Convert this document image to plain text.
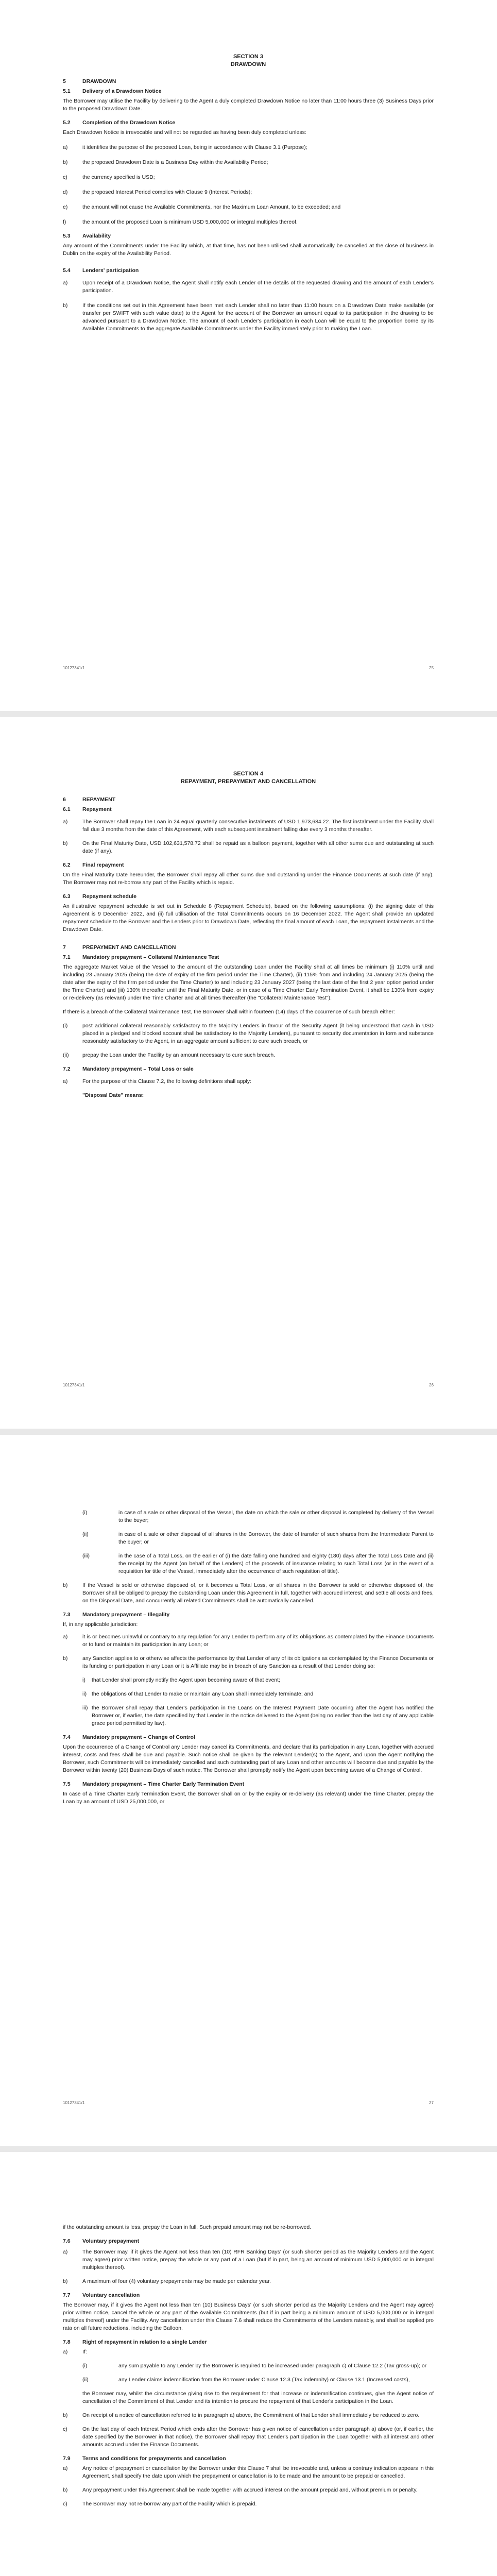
SECTION 3
DRAWDOWN
5	DRAWDOWN
5.1	Delivery of a Drawdown Notice

The Borrower may utilise the Facility by delivering to the Agent a duly completed Drawdown Notice no later than 11:00 hours three (3) Business Days prior to the proposed Drawdown Date.

5.2	Completion of the Drawdown Notice

Each Drawdown Notice is irrevocable and will not be regarded as having been duly completed unless:

a)	it identifies the purpose of the proposed Loan, being in accordance with Clause 3.1 (Purpose);
b)	the proposed Drawdown Date is a Business Day within the Availability Period;
c)	the currency specified is USD;
d)	the proposed Interest Period complies with Clause 9 (Interest Periods);
e)	the amount will not cause the Available Commitments, nor the Maximum Loan Amount, to be exceeded; and
f)	the amount of the proposed Loan is minimum USD 5,000,000 or integral multiples thereof.
5.3	Availability

Any amount of the Commitments under the Facility which, at that time, has not been utilised shall automatically be cancelled at the close of business in Dublin on the expiry of the Availability Period.

5.4	Lenders' participation
a)	Upon receipt of a Drawdown Notice, the Agent shall notify each Lender of the details of the requested drawing and the amount of each Lender's participation.
b)	If the conditions set out in this Agreement have been met each Lender shall no later than 11:00 hours on a Drawdown Date make available (or transfer per SWIFT with such value date) to the Agent for the account of the Borrower an amount equal to its participation in the drawing to be advanced pursuant to a Drawdown Notice. The amount of each Lender's participation in each Loan will be equal to the proportion borne by its Available Commitments to the aggregate Available Commitments under the Facility immediately prior to making the Loan.
10127341/1	25
SECTION 4
REPAYMENT, PREPAYMENT AND CANCELLATION
6	REPAYMENT
6.1	Repayment
a)	The Borrower shall repay the Loan in 24 equal quarterly consecutive instalments of USD 1,973,684.22. The first instalment under the Facility shall fall due 3 months from the date of this Agreement, with each subsequent instalment falling due every 3 months thereafter.
b)	On the Final Maturity Date, USD 102,631,578.72 shall be repaid as a balloon payment, together with all other sums due and outstanding at such date (if any).
6.2	Final repayment

On the Final Maturity Date hereunder, the Borrower shall repay all other sums due and outstanding under the Finance Documents at such date (if any). The Borrower may not re-borrow any part of the Facility which is repaid.

6.3	Repayment schedule

An illustrative repayment schedule is set out in Schedule 8 (Repayment Schedule), based on the following assumptions: (i) the signing date of this Agreement is 9 December 2022, and (ii) full utilisation of the Total Commitments occurs on 16 December 2022. The Agent shall provide an updated repayment schedule to the Borrower and the Lenders prior to Drawdown Date, reflecting the final amount of each Loan, the repayment instalments and the Drawdown Date.

7	PREPAYMENT AND CANCELLATION
7.1	Mandatory prepayment – Collateral Maintenance Test

The aggregate Market Value of the Vessel to the amount of the outstanding Loan under the Facility shall at all times be minimum (i) 110% until and including 23 January 2025 (being the date of expiry of the firm period under the Time Charter), (ii) 115% from and including 24 January 2025 (being the date after the expiry of the firm period under the Time Charter) to and including 23 January 2027 (being the last date of the first 2 year option period under the Time Charter) and (iii) 130% thereafter until the Final Maturity Date, or in case of a Time Charter Early Termination Event, it shall be 130% from expiry or re-delivery (as relevant) under the Time Charter and at all times thereafter (the "Collateral Maintenance Test").

If there is a breach of the Collateral Maintenance Test, the Borrower shall within fourteen (14) days of the occurrence of such breach either:

(i)	post additional collateral reasonably satisfactory to the Majority Lenders in favour of the Security Agent (it being understood that cash in USD placed in a pledged and blocked account shall be satisfactory to the Majority Lenders), pursuant to security documentation in form and substance reasonably satisfactory to the Agent, in an aggregate amount sufficient to cure such breach, or
(ii)	prepay the Loan under the Facility by an amount necessary to cure such breach.
7.2	Mandatory prepayment – Total Loss or sale
a)	For the purpose of this Clause 7.2, the following definitions shall apply:
"Disposal Date" means:
10127341/1	26
(i)	in case of a sale or other disposal of the Vessel, the date on which the sale or other disposal is completed by delivery of the Vessel to the buyer;
(ii)	in case of a sale or other disposal of all shares in the Borrower, the date of transfer of such shares from the Intermediate Parent to the buyer; or
(iii)	in the case of a Total Loss, on the earlier of (i) the date falling one hundred and eighty (180) days after the Total Loss Date and (ii) the receipt by the Agent (on behalf of the Lenders) of the proceeds of insurance relating to such Total Loss (or in the event of a requisition for title of the Vessel, immediately after the occurrence of such requisition of title).
b)	If the Vessel is sold or otherwise disposed of, or it becomes a Total Loss, or all shares in the Borrower is sold or otherwise disposed of, the Borrower shall be obliged to prepay the outstanding Loan under this Agreement in full, together with accrued interest, and settle all costs and fees, on the Disposal Date, and concurrently all related Commitments shall be automatically cancelled.
7.3	Mandatory prepayment – Illegality

If, in any applicable jurisdiction:

a)	it is or becomes unlawful or contrary to any regulation for any Lender to perform any of its obligations as contemplated by the Finance Documents or to fund or maintain its participation in any Loan; or
b)	any Sanction applies to or otherwise affects the performance by that Lender of any of its obligations as contemplated by the Finance Documents or its funding or participation in any Loan or it is Affiliate may be in breach of any Sanction as a result of that Lender doing so:
i)	that Lender shall promptly notify the Agent upon becoming aware of that event;
ii) the obligations of that Lender to make or maintain any Loan shall immediately terminate; and
iii) the Borrower shall repay that Lender's participation in the Loans on the Interest Payment Date occurring after the Agent has notified the Borrower or, if earlier, the date specified by that Lender in the notice delivered to the Agent (being no earlier than the last day of any applicable grace period permitted by law).
7.4	Mandatory prepayment – Change of Control

Upon the occurrence of a Change of Control any Lender may cancel its Commitments, and declare that its participation in any Loan, together with accrued interest, costs and fees shall be due and payable. Such notice shall be given by the relevant Lender(s) to the Agent, and upon the Agent notifying the Borrower, such Commitments will be immediately cancelled and such outstanding part of any Loan and other amounts will become due and payable by the Borrower within twenty (20) Business Days of such notice. The Borrower shall promptly notify the Agent upon becoming aware of a Change of Control.

7.5	Mandatory prepayment – Time Charter Early Termination Event

In case of a Time Charter Early Termination Event, the Borrower shall on or by the expiry or re-delivery (as relevant) under the Time Charter, prepay the Loan by an amount of USD 25,000,000, or

10127341/1	27

if the outstanding amount is less, prepay the Loan in full. Such prepaid amount may not be re-borrowed.

7.6	Voluntary prepayment
a)	The Borrower may, if it gives the Agent not less than ten (10) RFR Banking Days' (or such shorter period as the Majority Lenders and the Agent may agree) prior written notice, prepay the whole or any part of a Loan (but if in part, being an amount of minimum USD 5,000,000 or in integral multiples thereof).
b)	A maximum of four (4) voluntary prepayments may be made per calendar year.
7.7	Voluntary cancellation

The Borrower may, if it gives the Agent not less than ten (10) Business Days' (or such shorter period as the Majority Lenders and the Agent may agree) prior written notice, cancel the whole or any part of the Available Commitments (but if in part being a minimum amount of USD 5,000,000 or in integral multiples thereof) under the Facility. Any cancellation under this Clause 7.6 shall reduce the Commitments of the Lenders rateably, and shall be applied pro rata on all future reductions, including the Balloon.

7.8	Right of repayment in relation to a single Lender
a)	If:
(i)	any sum payable to any Lender by the Borrower is required to be increased under paragraph c) of Clause 12.2 (Tax gross-up); or
(ii)	any Lender claims indemnification from the Borrower under Clause 12.3 (Tax indemnity) or Clause 13.1 (Increased costs),

the Borrower may, whilst the circumstance giving rise to the requirement for that increase or indemnification continues, give the Agent notice of cancellation of the Commitment of that Lender and its intention to procure the repayment of that Lender's participation in the Loan.

b)	On receipt of a notice of cancellation referred to in paragraph a) above, the Commitment of that Lender shall immediately be reduced to zero.
c)	On the last day of each Interest Period which ends after the Borrower has given notice of cancellation under paragraph a) above (or, if earlier, the date specified by the Borrower in that notice), the Borrower shall repay that Lender's participation in the Loan together with all interest and other amounts accrued under the Finance Documents.
7.9	Terms and conditions for prepayments and cancellation
a)	Any notice of prepayment or cancellation by the Borrower under this Clause 7 shall be irrevocable and, unless a contrary indication appears in this Agreement, shall specify the date upon which the prepayment or cancellation is to be made and the amount to be prepaid or cancelled.
b)	Any prepayment under this Agreement shall be made together with accrued interest on the amount prepaid and, without premium or penalty.
c)	The Borrower may not re-borrow any part of the Facility which is prepaid.
